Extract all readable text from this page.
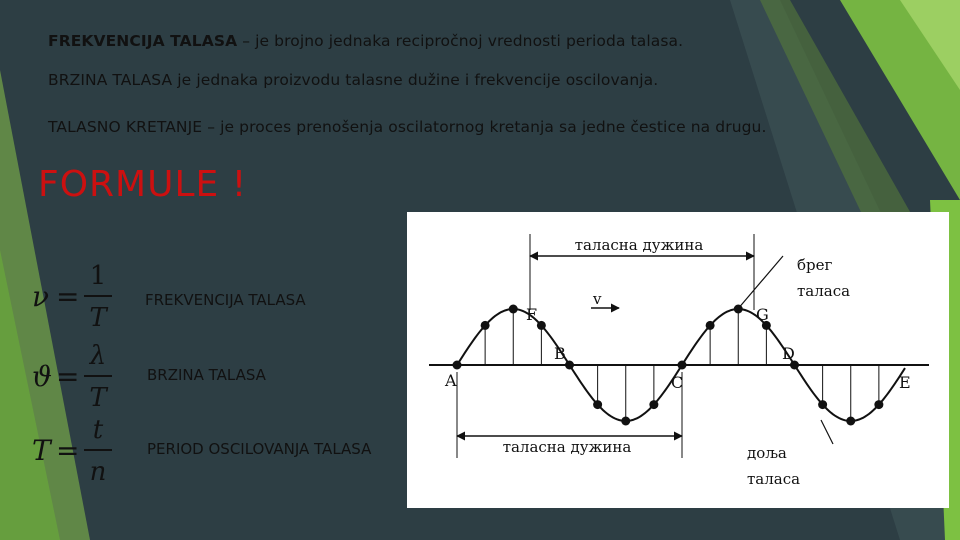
FREKVENCIJA TALASA – je brojno jednaka recipročnoj vrednosti perioda talasa.
BRZINA TALASA je jednaka proizvodu talasne dužine i frekvencije oscilovanja.
TALASNO KRETANJE – je proces prenošenja oscilatornog kretanja sa jedne čestice na drugu.
FORMULE !
ν =
1
T
ϑ =
λ
T
T =
t
n
FREKVENCIJA TALASA
BRZINA TALASA
PERIOD OSCILOVANJA TALASA
таласна дужина
таласна дужина
брег
таласа
доља
таласа
v
A
F
B
C
G
D
E
